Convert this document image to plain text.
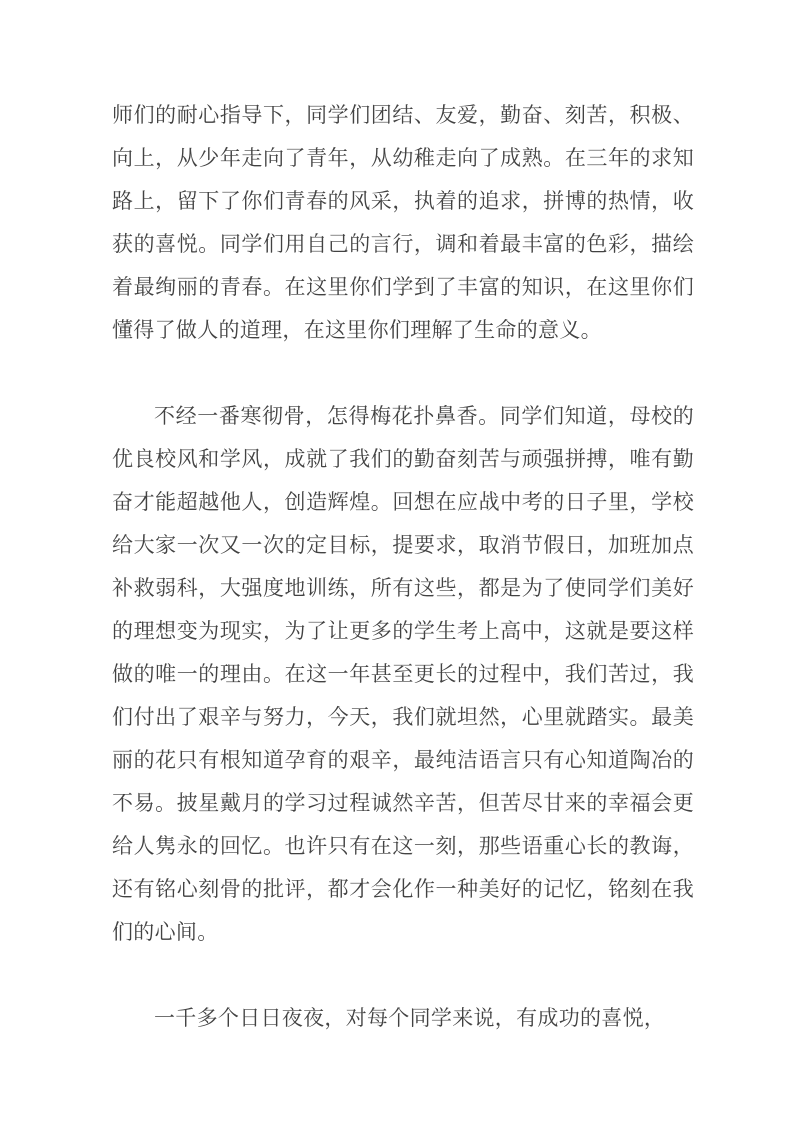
师们的耐心指导下，同学们团结、友爱，勤奋、刻苦，积极、向上，从少年走向了青年，从幼稚走向了成熟。在三年的求知路上，留下了你们青春的风采，执着的追求，拼博的热情，收获的喜悦。同学们用自己的言行，调和着最丰富的色彩，描绘着最绚丽的青春。在这里你们学到了丰富的知识，在这里你们懂得了做人的道理，在这里你们理解了生命的意义。

不经一番寒彻骨，怎得梅花扑鼻香。同学们知道，母校的优良校风和学风，成就了我们的勤奋刻苦与顽强拼搏，唯有勤奋才能超越他人，创造辉煌。回想在应战中考的日子里，学校给大家一次又一次的定目标，提要求，取消节假日，加班加点补救弱科，大强度地训练，所有这些，都是为了使同学们美好的理想变为现实，为了让更多的学生考上高中，这就是要这样做的唯一的理由。在这一年甚至更长的过程中，我们苦过，我们付出了艰辛与努力，今天，我们就坦然，心里就踏实。最美丽的花只有根知道孕育的艰辛，最纯洁语言只有心知道陶冶的不易。披星戴月的学习过程诚然辛苦，但苦尽甘来的幸福会更给人隽永的回忆。也许只有在这一刻，那些语重心长的教诲，还有铭心刻骨的批评，都才会化作一种美好的记忆，铭刻在我们的心间。

一千多个日日夜夜，对每个同学来说，有成功的喜悦，
